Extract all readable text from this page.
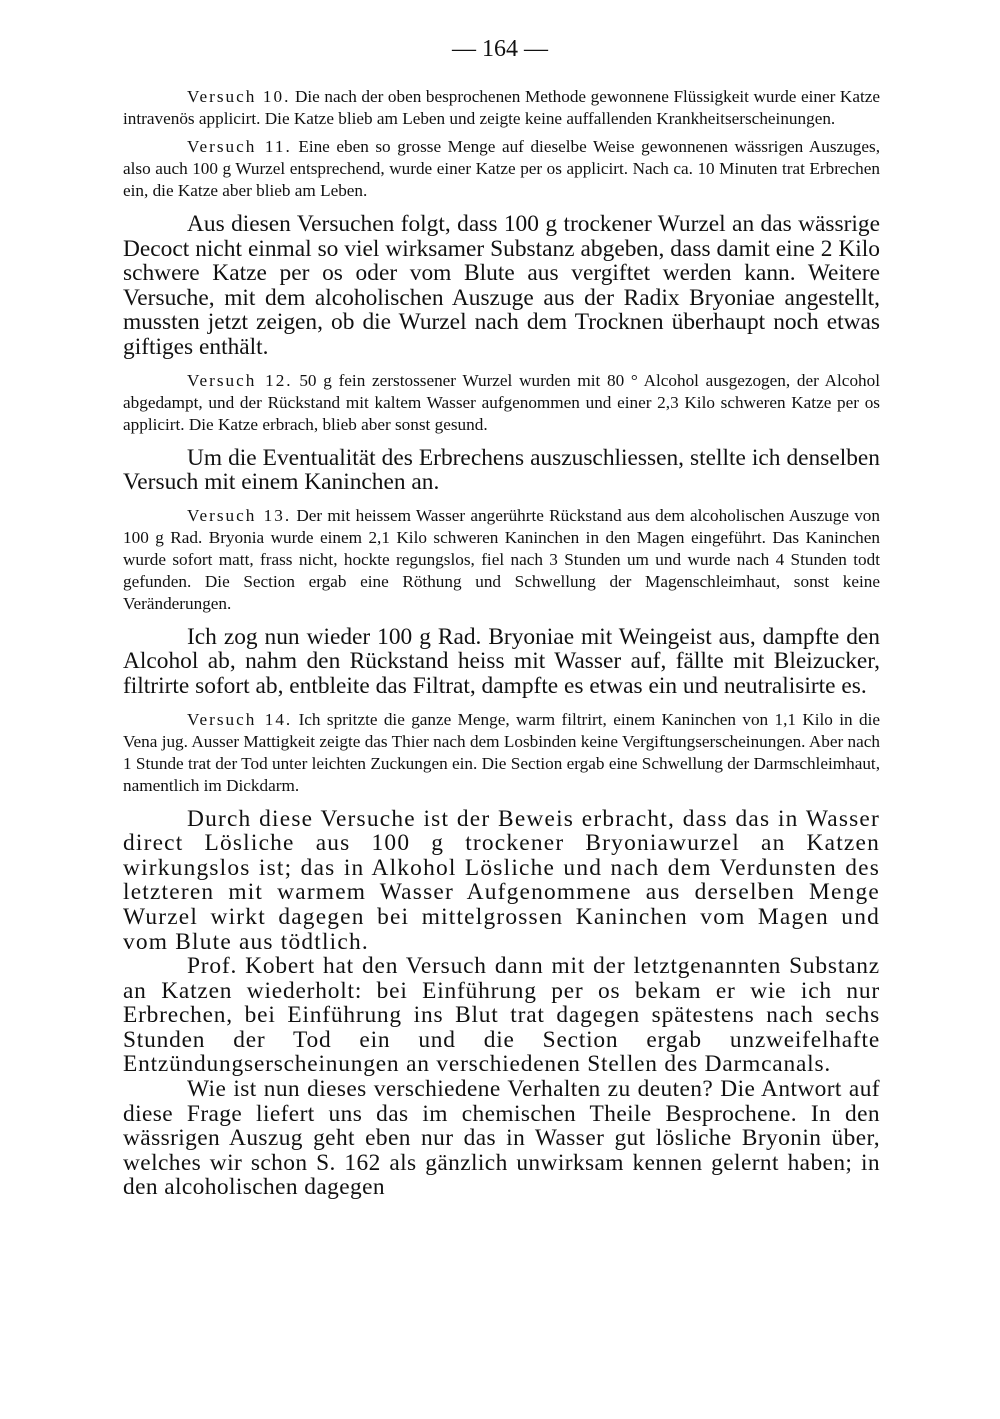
— 164 —

Versuch 10. Die nach der oben besprochenen Methode gewonnene Flüssigkeit wurde einer Katze intravenös applicirt. Die Katze blieb am Leben und zeigte keine auffallenden Krankheitserscheinungen.

Versuch 11. Eine eben so grosse Menge auf dieselbe Weise gewonnenen wässrigen Auszuges, also auch 100 g Wurzel entsprechend, wurde einer Katze per os applicirt. Nach ca. 10 Minuten trat Erbrechen ein, die Katze aber blieb am Leben.

Aus diesen Versuchen folgt, dass 100 g trockener Wurzel an das wässrige Decoct nicht einmal so viel wirksamer Substanz abgeben, dass damit eine 2 Kilo schwere Katze per os oder vom Blute aus vergiftet werden kann. Weitere Versuche, mit dem alcoholischen Auszuge aus der Radix Bryoniae angestellt, mussten jetzt zeigen, ob die Wurzel nach dem Trocknen überhaupt noch etwas giftiges enthält.

Versuch 12. 50 g fein zerstossener Wurzel wurden mit 80 ° Alcohol ausgezogen, der Alcohol abgedampt, und der Rückstand mit kaltem Wasser aufgenommen und einer 2,3 Kilo schweren Katze per os applicirt. Die Katze erbrach, blieb aber sonst gesund.

Um die Eventualität des Erbrechens auszuschliessen, stellte ich denselben Versuch mit einem Kaninchen an.

Versuch 13. Der mit heissem Wasser angerührte Rückstand aus dem alcoholischen Auszuge von 100 g Rad. Bryonia wurde einem 2,1 Kilo schweren Kaninchen in den Magen eingeführt. Das Kaninchen wurde sofort matt, frass nicht, hockte regungslos, fiel nach 3 Stunden um und wurde nach 4 Stunden todt gefunden. Die Section ergab eine Röthung und Schwellung der Magenschleimhaut, sonst keine Veränderungen.

Ich zog nun wieder 100 g Rad. Bryoniae mit Weingeist aus, dampfte den Alcohol ab, nahm den Rückstand heiss mit Wasser auf, fällte mit Bleizucker, filtrirte sofort ab, entbleite das Filtrat, dampfte es etwas ein und neutralisirte es.

Versuch 14. Ich spritzte die ganze Menge, warm filtrirt, einem Kaninchen von 1,1 Kilo in die Vena jug. Ausser Mattigkeit zeigte das Thier nach dem Losbinden keine Vergiftungserscheinungen. Aber nach 1 Stunde trat der Tod unter leichten Zuckungen ein. Die Section ergab eine Schwellung der Darmschleimhaut, namentlich im Dickdarm.

Durch diese Versuche ist der Beweis erbracht, dass das in Wasser direct Lösliche aus 100 g trockener Bryoniawurzel an Katzen wirkungslos ist; das in Alkohol Lösliche und nach dem Verdunsten des letzteren mit warmem Wasser Aufgenommene aus derselben Menge Wurzel wirkt dagegen bei mittelgrossen Kaninchen vom Magen und vom Blute aus tödtlich.

Prof. Kobert hat den Versuch dann mit der letztgenannten Substanz an Katzen wiederholt: bei Einführung per os bekam er wie ich nur Erbrechen, bei Einführung ins Blut trat dagegen spätestens nach sechs Stunden der Tod ein und die Section ergab unzweifelhafte Entzündungserscheinungen an verschiedenen Stellen des Darmcanals.

Wie ist nun dieses verschiedene Verhalten zu deuten? Die Antwort auf diese Frage liefert uns das im chemischen Theile Besprochene. In den wässrigen Auszug geht eben nur das in Wasser gut lösliche Bryonin über, welches wir schon S. 162 als gänzlich unwirksam kennen gelernt haben; in den alcoholischen dagegen
